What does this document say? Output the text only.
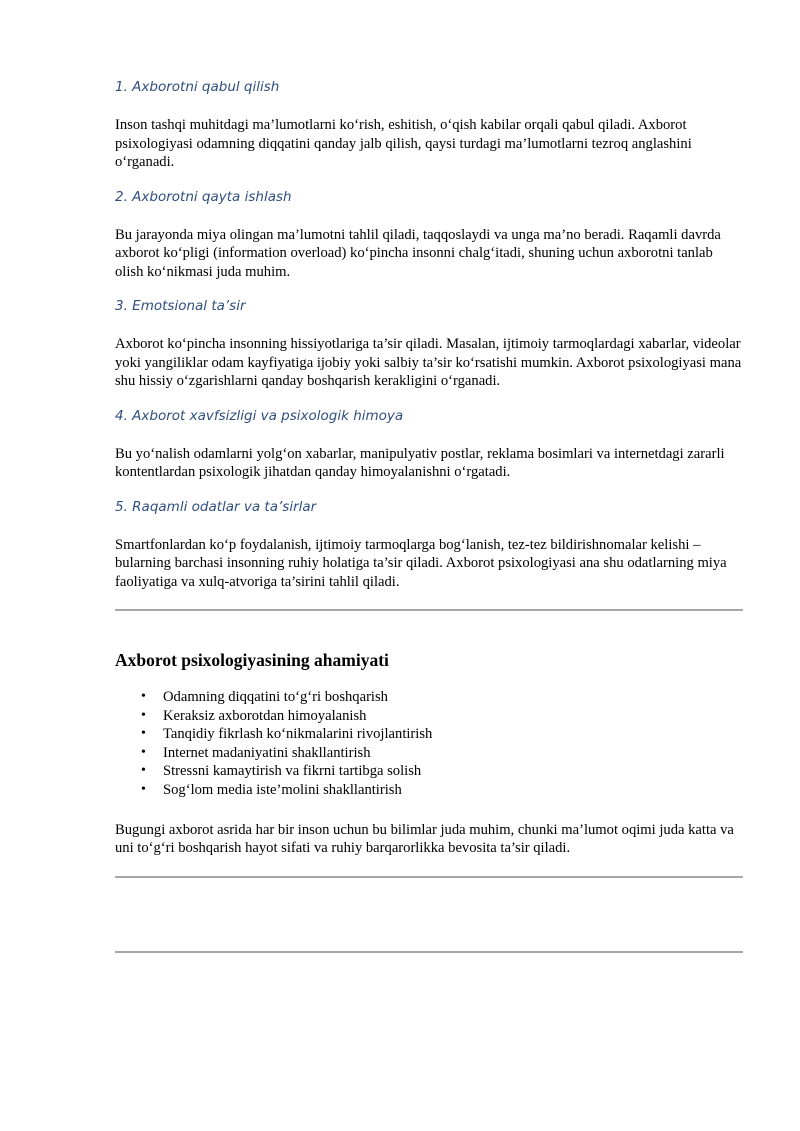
1. Axborotni qabul qilish

Inson tashqi muhitdagi ma’lumotlarni ko‘rish, eshitish, o‘qish kabilar orqali qabul qiladi. Axborot psixologiyasi odamning diqqatini qanday jalb qilish, qaysi turdagi ma’lumotlarni tezroq anglashini o‘rganadi.

2. Axborotni qayta ishlash

Bu jarayonda miya olingan ma’lumotni tahlil qiladi, taqqoslaydi va unga ma’no beradi. Raqamli davrda axborot ko‘pligi (information overload) ko‘pincha insonni chalg‘itadi, shuning uchun axborotni tanlab olish ko‘nikmasi juda muhim.

3. Emotsional ta’sir

Axborot ko‘pincha insonning hissiyotlariga ta’sir qiladi. Masalan, ijtimoiy tarmoqlardagi xabarlar, videolar yoki yangiliklar odam kayfiyatiga ijobiy yoki salbiy ta’sir ko‘rsatishi mumkin. Axborot psixologiyasi mana shu hissiy o‘zgarishlarni qanday boshqarish kerakligini o‘rganadi.

4. Axborot xavfsizligi va psixologik himoya

Bu yo‘nalish odamlarni yolg‘on xabarlar, manipulyativ postlar, reklama bosimlari va internetdagi zararli kontentlardan psixologik jihatdan qanday himoyalanishni o‘rgatadi.

5. Raqamli odatlar va ta’sirlar

Smartfonlardan ko‘p foydalanish, ijtimoiy tarmoqlarga bog‘lanish, tez-tez bildirishnomalar kelishi – bularning barchasi insonning ruhiy holatiga ta’sir qiladi. Axborot psixologiyasi ana shu odatlarning miya faoliyatiga va xulq-atvoriga ta’sirini tahlil qiladi.

Axborot psixologiyasining ahamiyati
• Odamning diqqatini to‘g‘ri boshqarish
• Keraksiz axborotdan himoyalanish
• Tanqidiy fikrlash ko‘nikmalarini rivojlantirish
• Internet madaniyatini shakllantirish
• Stressni kamaytirish va fikrni tartibga solish
• Sog‘lom media iste’molini shakllantirish

Bugungi axborot asrida har bir inson uchun bu bilimlar juda muhim, chunki ma’lumot oqimi juda katta va uni to‘g‘ri boshqarish hayot sifati va ruhiy barqarorlikka bevosita ta’sir qiladi.
